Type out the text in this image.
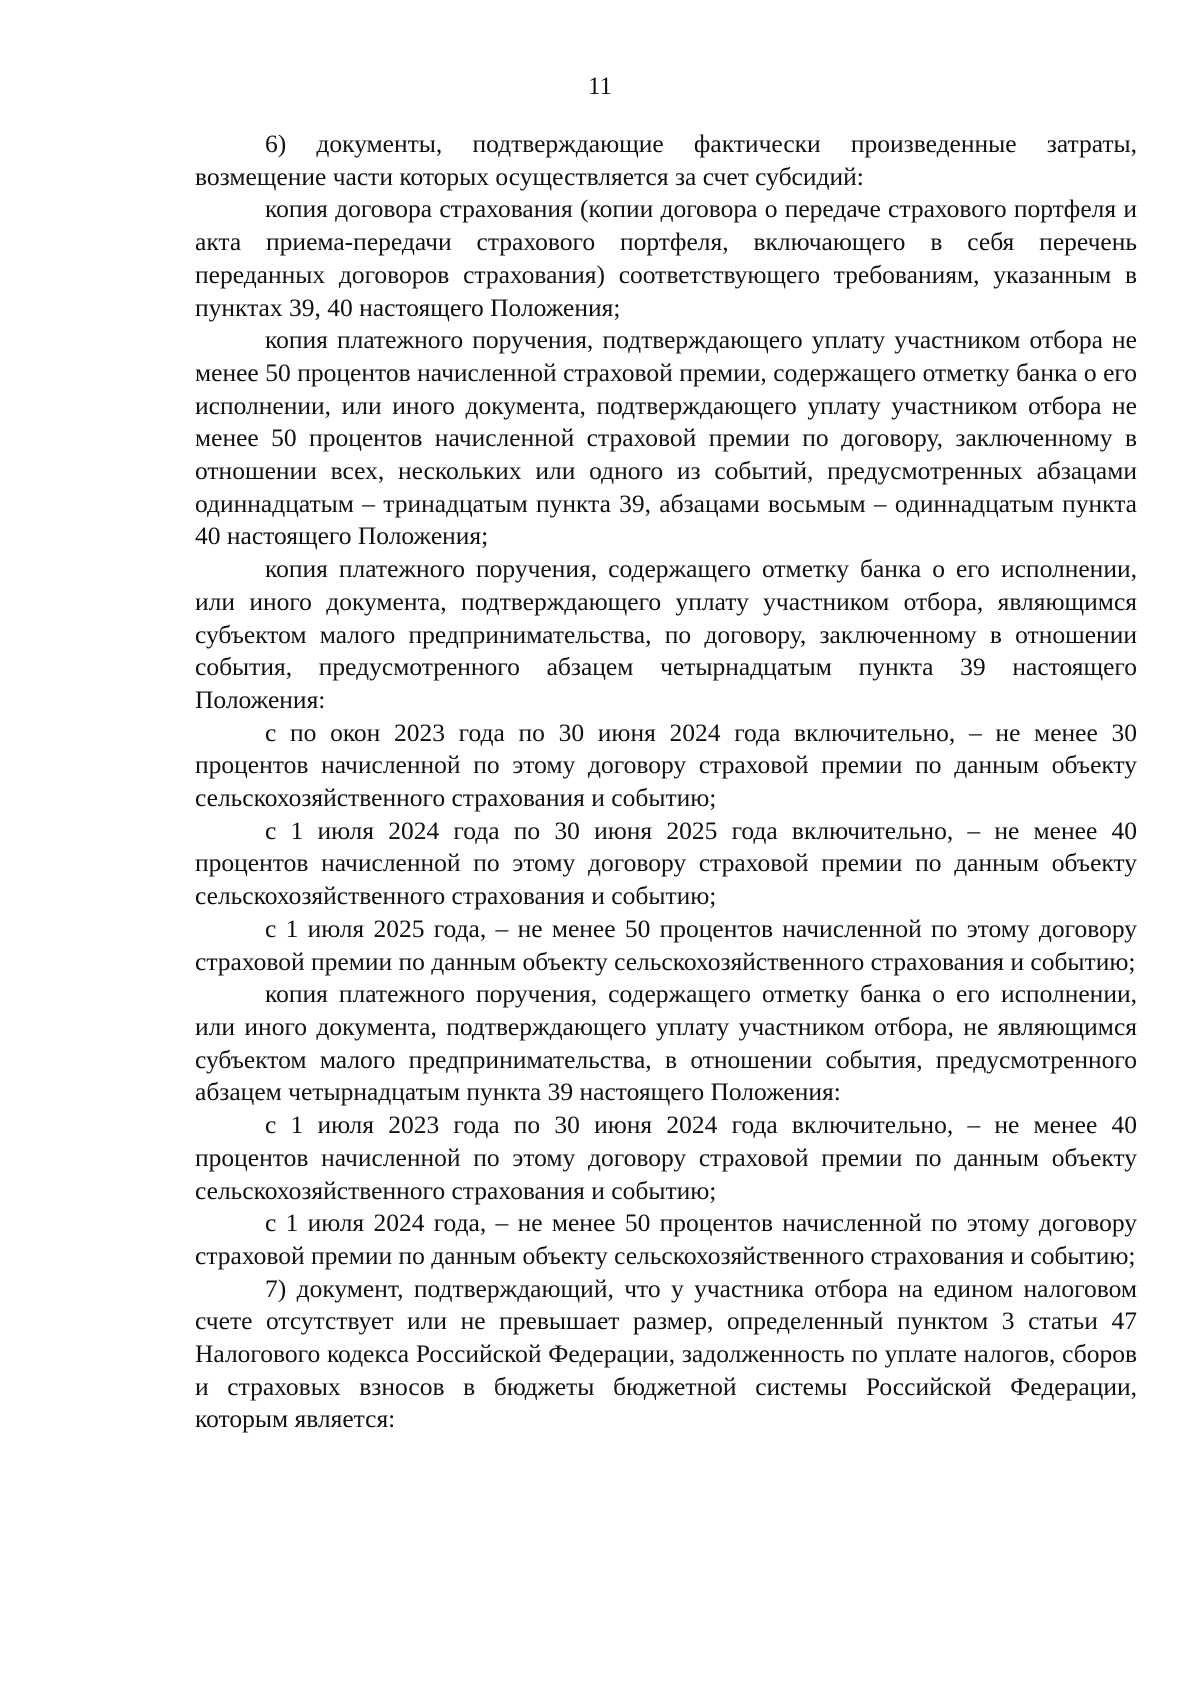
11

6) документы, подтверждающие фактически произведенные затраты, возмещение части которых осуществляется за счет субсидий:

копия договора страхования (копии договора о передаче страхового портфеля и акта приема-передачи страхового портфеля, включающего в себя перечень переданных договоров страхования) соответствующего требованиям, указанным в пунктах 39, 40 настоящего Положения;

копия платежного поручения, подтверждающего уплату участником отбора не менее 50 процентов начисленной страховой премии, содержащего отметку банка о его исполнении, или иного документа, подтверждающего уплату участником отбора не менее 50 процентов начисленной страховой премии по договору, заключенному в отношении всех, нескольких или одного из событий, предусмотренных абзацами одиннадцатым – тринадцатым пункта 39, абзацами восьмым – одиннадцатым пункта 40 настоящего Положения;

копия платежного поручения, содержащего отметку банка о его исполнении, или иного документа, подтверждающего уплату участником отбора, являющимся субъектом малого предпринимательства, по договору, заключенному в отношении события, предусмотренного абзацем четырнадцатым пункта 39 настоящего Положения:

с по окон 2023 года по 30 июня 2024 года включительно, – не менее 30 процентов начисленной по этому договору страховой премии по данным объекту сельскохозяйственного страхования и событию;

с 1 июля 2024 года по 30 июня 2025 года включительно, – не менее 40 процентов начисленной по этому договору страховой премии по данным объекту сельскохозяйственного страхования и событию;

с 1 июля 2025 года, – не менее 50 процентов начисленной по этому договору страховой премии по данным объекту сельскохозяйственного страхования и событию;

копия платежного поручения, содержащего отметку банка о его исполнении, или иного документа, подтверждающего уплату участником отбора, не являющимся субъектом малого предпринимательства, в отношении события, предусмотренного абзацем четырнадцатым пункта 39 настоящего Положения:

с 1 июля 2023 года по 30 июня 2024 года включительно, – не менее 40 процентов начисленной по этому договору страховой премии по данным объекту сельскохозяйственного страхования и событию;

с 1 июля 2024 года, – не менее 50 процентов начисленной по этому договору страховой премии по данным объекту сельскохозяйственного страхования и событию;

7) документ, подтверждающий, что у участника отбора на едином налоговом счете отсутствует или не превышает размер, определенный пунктом 3 статьи 47 Налогового кодекса Российской Федерации, задолженность по уплате налогов, сборов и страховых взносов в бюджеты бюджетной системы Российской Федерации, которым является:
